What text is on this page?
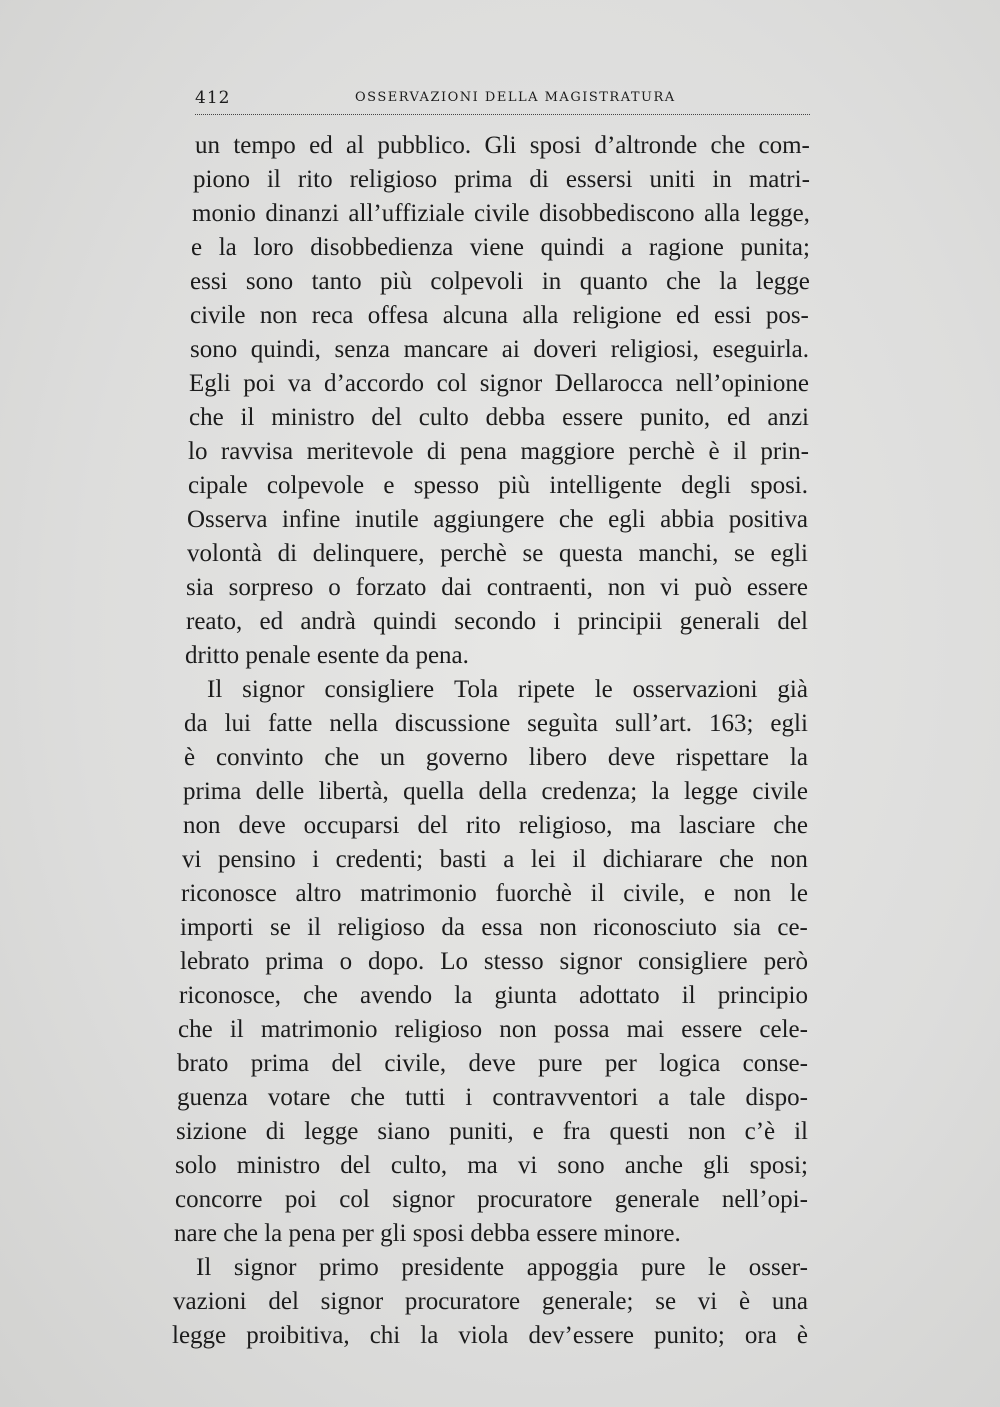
412	OSSERVAZIONI DELLA MAGISTRATURA
un tempo ed al pubblico. Gli sposi d’altronde che com-
piono il rito religioso prima di essersi uniti in matri-
monio dinanzi all’uffiziale civile disobbediscono alla legge,
e la loro disobbedienza viene quindi a ragione punita;
essi sono tanto più colpevoli in quanto che la legge
civile non reca offesa alcuna alla religione ed essi pos-
sono quindi, senza mancare ai doveri religiosi, eseguirla.
Egli poi va d’accordo col signor Dellarocca nell’opinione
che il ministro del culto debba essere punito, ed anzi
lo ravvisa meritevole di pena maggiore perchè è il prin-
cipale colpevole e spesso più intelligente degli sposi.
Osserva infine inutile aggiungere che egli abbia positiva
volontà di delinquere, perchè se questa manchi, se egli
sia sorpreso o forzato dai contraenti, non vi può essere
reato, ed andrà quindi secondo i principii generali del
dritto penale esente da pena.
Il signor consigliere Tola ripete le osservazioni già
da lui fatte nella discussione seguìta sull’art. 163; egli
è convinto che un governo libero deve rispettare la
prima delle libertà, quella della credenza; la legge civile
non deve occuparsi del rito religioso, ma lasciare che
vi pensino i credenti; basti a lei il dichiarare che non
riconosce altro matrimonio fuorchè il civile, e non le
importi se il religioso da essa non riconosciuto sia ce-
lebrato prima o dopo. Lo stesso signor consigliere però
riconosce, che avendo la giunta adottato il principio
che il matrimonio religioso non possa mai essere cele-
brato prima del civile, deve pure per logica conse-
guenza votare che tutti i contravventori a tale dispo-
sizione di legge siano puniti, e fra questi non c’è il
solo ministro del culto, ma vi sono anche gli sposi;
concorre poi col signor procuratore generale nell’opi-
nare che la pena per gli sposi debba essere minore.
Il signor primo presidente appoggia pure le osser-
vazioni del signor procuratore generale; se vi è una
legge proibitiva, chi la viola dev’essere punito; ora è
